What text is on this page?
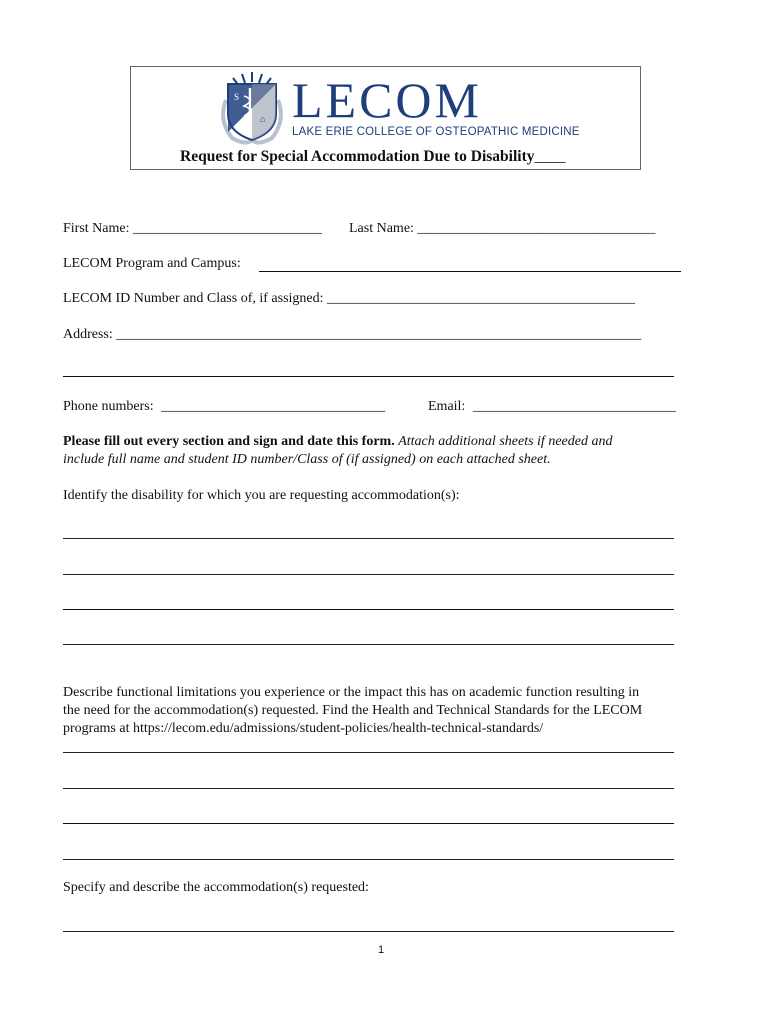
S
⌂ LECOM
LAKE ERIE COLLEGE OF OSTEOPATHIC MEDICINE
Request for Special Accommodation Due to Disability____
First Name: ___________________________ Last Name: __________________________________
LECOM Program and Campus:
LECOM ID Number and Class of, if assigned: ____________________________________________
Address: ___________________________________________________________________________
Phone numbers: ________________________________	Email: _____________________________
Please fill out every section and sign and date this form. Attach additional sheets if needed and
include full name and student ID number/Class of (if assigned) on each attached sheet.
Identify the disability for which you are requesting accommodation(s):
Describe functional limitations you experience or the impact this has on academic function resulting in
the need for the accommodation(s) requested. Find the Health and Technical Standards for the LECOM
programs at https://lecom.edu/admissions/student-policies/health-technical-standards/
Specify and describe the accommodation(s) requested:
1
